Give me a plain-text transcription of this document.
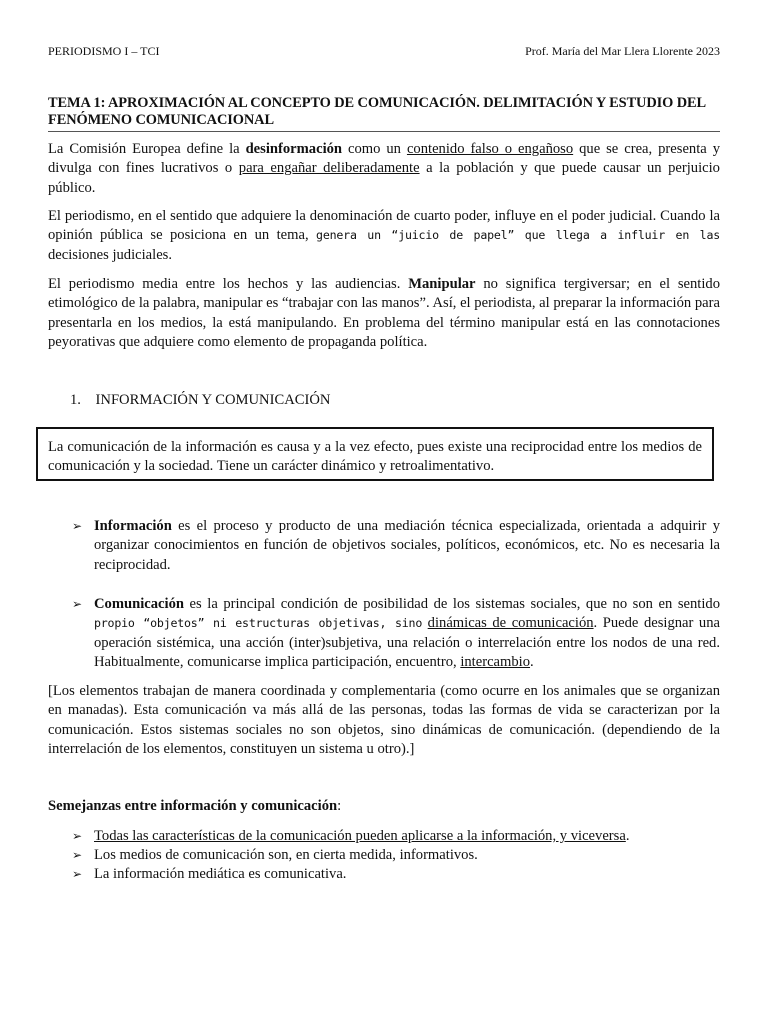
PERIODISMO I – TCI	Prof. María del Mar Llera Llorente 2023
TEMA 1: APROXIMACIÓN AL CONCEPTO DE COMUNICACIÓN. DELIMITACIÓN Y ESTUDIO DEL FENÓMENO COMUNICACIONAL
La Comisión Europea define la desinformación como un contenido falso o engañoso que se crea, presenta y divulga con fines lucrativos o para engañar deliberadamente a la población y que puede causar un perjuicio público.
El periodismo, en el sentido que adquiere la denominación de cuarto poder, influye en el poder judicial. Cuando la opinión pública se posiciona en un tema, genera un “juicio de papel” que llega a influir en las decisiones judiciales.
El periodismo media entre los hechos y las audiencias. Manipular no significa tergiversar; en el sentido etimológico de la palabra, manipular es “trabajar con las manos”. Así, el periodista, al preparar la información para presentarla en los medios, la está manipulando. En problema del término manipular está en las connotaciones peyorativas que adquiere como elemento de propaganda política.
1. INFORMACIÓN Y COMUNICACIÓN
La comunicación de la información es causa y a la vez efecto, pues existe una reciprocidad entre los medios de comunicación y la sociedad. Tiene un carácter dinámico y retroalimentativo.
➢ Información es el proceso y producto de una mediación técnica especializada, orientada a adquirir y organizar conocimientos en función de objetivos sociales, políticos, económicos, etc. No es necesaria la reciprocidad.
➢ Comunicación es la principal condición de posibilidad de los sistemas sociales, que no son en sentido propio “objetos” ni estructuras objetivas, sino dinámicas de comunicación. Puede designar una operación sistémica, una acción (inter)subjetiva, una relación o interrelación entre los nodos de una red. Habitualmente, comunicarse implica participación, encuentro, intercambio.
[Los elementos trabajan de manera coordinada y complementaria (como ocurre en los animales que se organizan en manadas). Esta comunicación va más allá de las personas, todas las formas de vida se caracterizan por la comunicación. Estos sistemas sociales no son objetos, sino dinámicas de comunicación. (dependiendo de la interrelación de los elementos, constituyen un sistema u otro).]
Semejanzas entre información y comunicación:
➢ Todas las características de la comunicación pueden aplicarse a la información, y viceversa.
➢ Los medios de comunicación son, en cierta medida, informativos.
➢ La información mediática es comunicativa.
